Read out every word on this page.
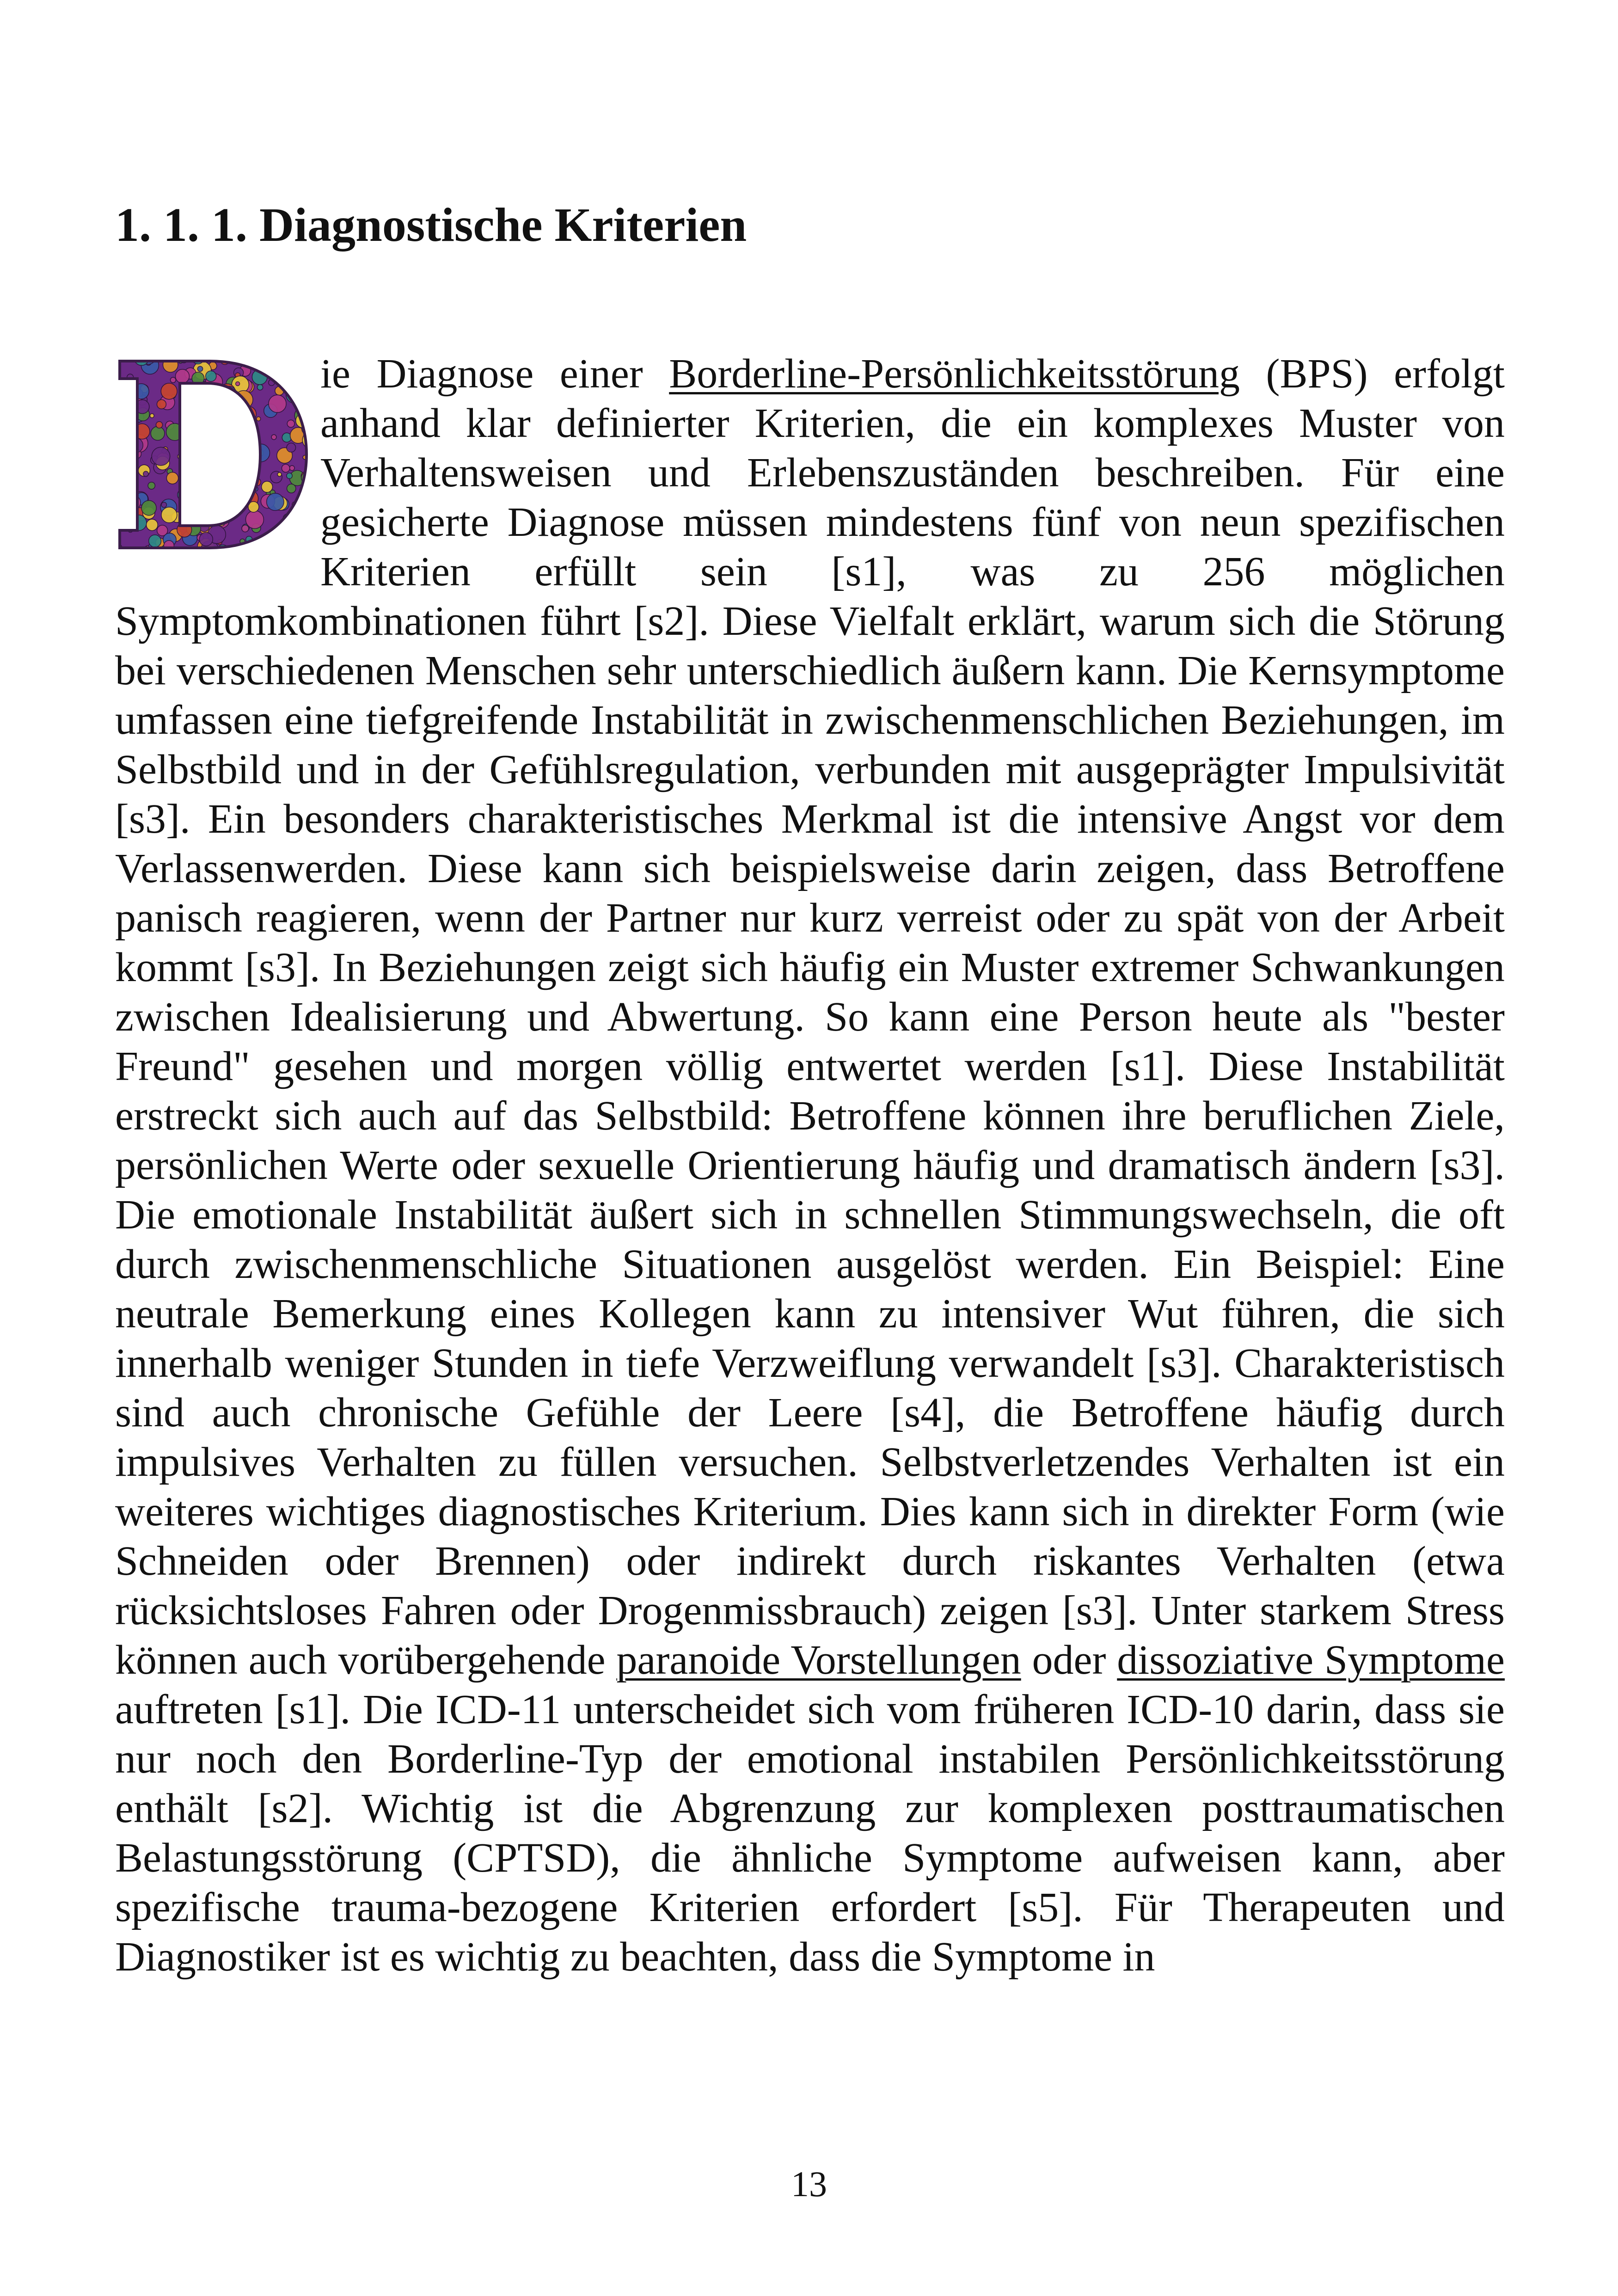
1. 1. 1. Diagnostische Kriterien

ie Diagnose einer Borderline-Persönlichkeitsstörung (BPS) erfolgt anhand klar definierter Kriterien, die ein komplexes Muster von Verhaltensweisen und Erlebenszuständen beschreiben. Für eine gesicherte Diagnose müssen mindestens fünf von neun spezifischen Kriterien erfüllt sein [s1], was zu 256 möglichen Symptomkombinationen führt [s2]. Diese Vielfalt erklärt, warum sich die Störung bei verschiedenen Menschen sehr unterschiedlich äußern kann. Die Kernsymptome umfassen eine tiefgreifende Instabilität in zwischenmenschlichen Beziehungen, im Selbstbild und in der Gefühlsregulation, verbunden mit ausgeprägter Impulsivität [s3]. Ein besonders charakteristisches Merkmal ist die intensive Angst vor dem Verlassenwerden. Diese kann sich beispielsweise darin zeigen, dass Betroffene panisch reagieren, wenn der Partner nur kurz verreist oder zu spät von der Arbeit kommt [s3]. In Beziehungen zeigt sich häufig ein Muster extremer Schwankungen zwischen Idealisierung und Abwertung. So kann eine Person heute als "bester Freund" gesehen und morgen völlig entwertet werden [s1]. Diese Instabilität erstreckt sich auch auf das Selbstbild: Betroffene können ihre beruflichen Ziele, persönlichen Werte oder sexuelle Orientierung häufig und dramatisch ändern [s3]. Die emotionale Instabilität äußert sich in schnellen Stimmungswechseln, die oft durch zwischenmenschliche Situationen ausgelöst werden. Ein Beispiel: Eine neutrale Bemerkung eines Kollegen kann zu intensiver Wut führen, die sich innerhalb weniger Stunden in tiefe Verzweiflung verwandelt [s3]. Charakteristisch sind auch chronische Gefühle der Leere [s4], die Betroffene häufig durch impulsives Verhalten zu füllen versuchen. Selbstverletzendes Verhalten ist ein weiteres wichtiges diagnostisches Kriterium. Dies kann sich in direkter Form (wie Schneiden oder Brennen) oder indirekt durch riskantes Verhalten (etwa rücksichtsloses Fahren oder Drogenmissbrauch) zeigen [s3]. Unter starkem Stress können auch vorübergehende paranoide Vorstellungen oder dissoziative Symptome auftreten [s1]. Die ICD-11 unterscheidet sich vom früheren ICD-10 darin, dass sie nur noch den Borderline-Typ der emotional instabilen Persönlichkeitsstörung enthält [s2]. Wichtig ist die Abgrenzung zur komplexen posttraumatischen Belastungsstörung (CPTSD), die ähnliche Symptome aufweisen kann, aber spezifische trauma-bezogene Kriterien erfordert [s5]. Für Therapeuten und Diagnostiker ist es wichtig zu beachten, dass die Symptome in

13
